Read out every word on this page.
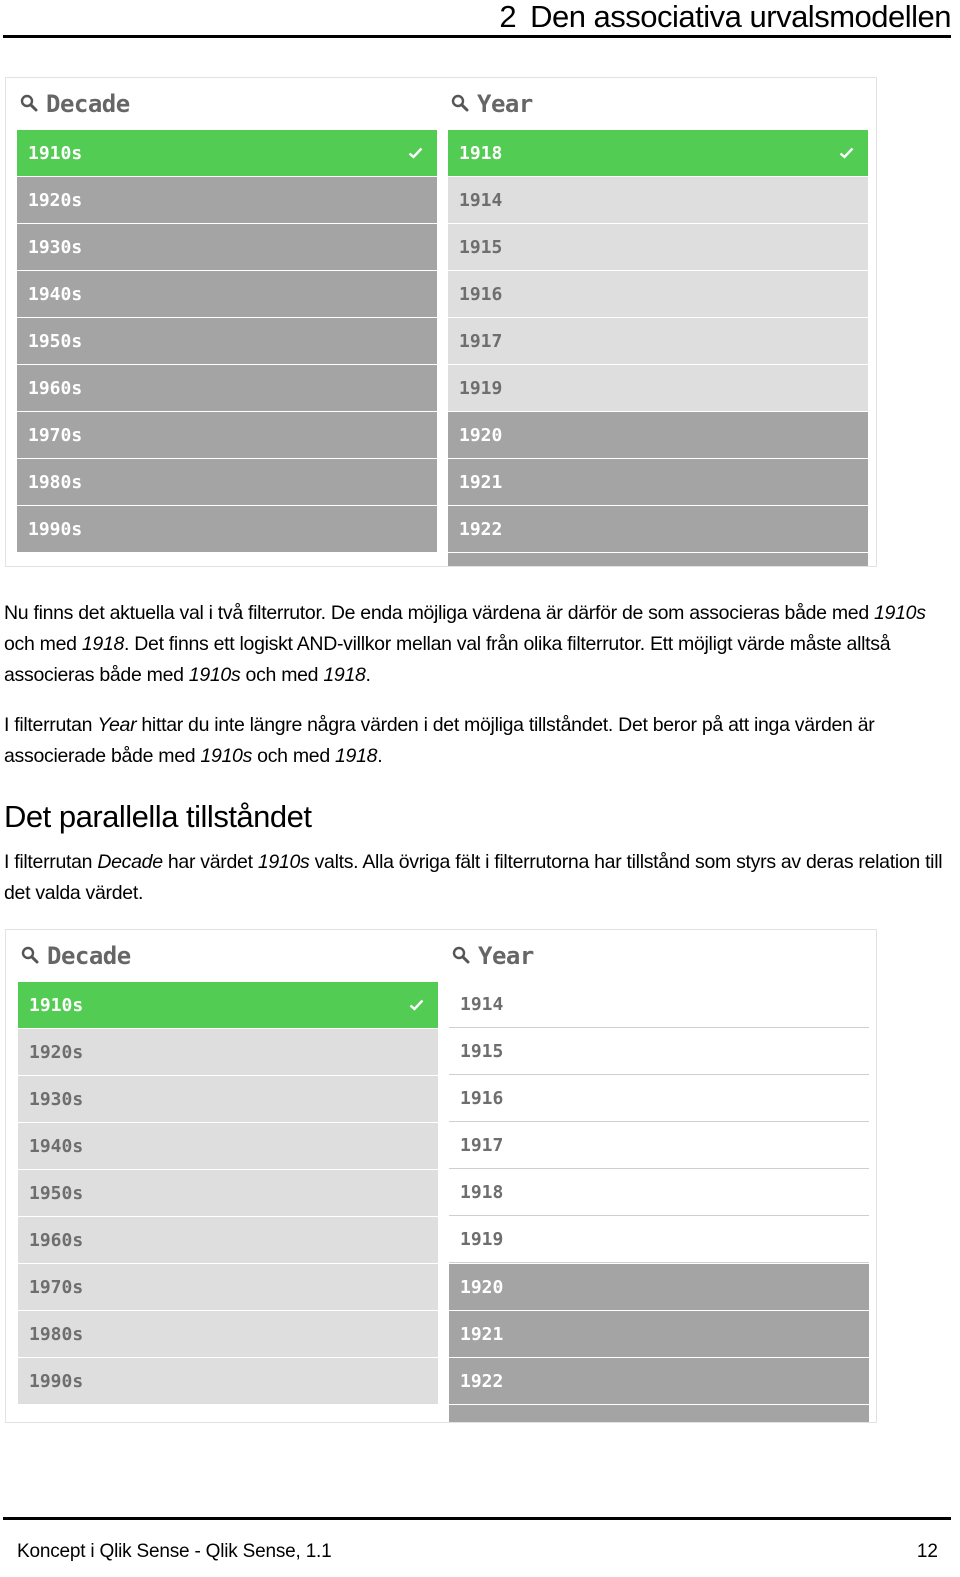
2 Den associativa urvalsmodellen
Decade
1910s
1920s
1930s
1940s
1950s
1960s
1970s
1980s
1990s
Year
1918
1914
1915
1916
1917
1919
1920
1921
1922
Nu finns det aktuella val i två filterrutor. De enda möjliga värdena är därför de som associeras både med 1910s och med 1918. Det finns ett logiskt AND-villkor mellan val från olika filterrutor. Ett möjligt värde måste alltså associeras både med 1910s och med 1918.
I filterrutan Year hittar du inte längre några värden i det möjliga tillståndet. Det beror på att inga värden är associerade både med 1910s och med 1918.
Det parallella tillståndet
I filterrutan Decade har värdet 1910s valts. Alla övriga fält i filterrutorna har tillstånd som styrs av deras relation till det valda värdet.
Decade
1910s
1920s
1930s
1940s
1950s
1960s
1970s
1980s
1990s
Year
1914
1915
1916
1917
1918
1919
1920
1921
1922
Koncept i Qlik Sense - Qlik Sense, 1.1	12
